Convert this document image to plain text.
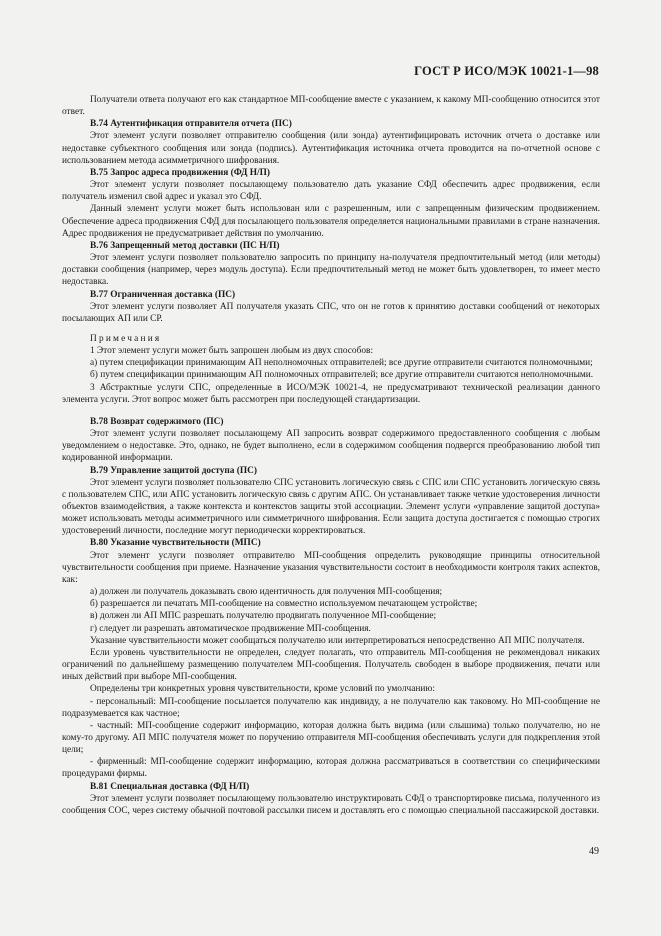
ГОСТ Р ИСО/МЭК 10021-1—98

Получатели ответа получают его как стандартное МП-сообщение вместе с указанием, к какому МП-сообщению относится этот ответ.

В.74 Аутентификация отправителя отчета (ПС)

Этот элемент услуги позволяет отправителю сообщения (или зонда) аутентифицировать источник отчета о доставке или недоставке субъектного сообщения или зонда (подпись). Аутентификация источника отчета проводится на по-отчетной основе с использованием метода асимметричного шифрования.

В.75 Запрос адреса продвижения (ФД Н/П)

Этот элемент услуги позволяет посылающему пользователю дать указание СФД обеспечить адрес продвижения, если получатель изменил свой адрес и указал это СФД.

Данный элемент услуги может быть использован или с разрешенным, или с запрещенным физическим продвижением. Обеспечение адреса продвижения СФД для посылающего пользователя определяется национальными правилами в стране назначения. Адрес продвижения не предусматривает действия по умолчанию.

В.76 Запрещенный метод доставки (ПС Н/П)

Этот элемент услуги позволяет пользователю запросить по принципу на-получателя предпочтительный метод (или методы) доставки сообщения (например, через модуль доступа). Если предпочтительный метод не может быть удовлетворен, то имеет место недоставка.

В.77 Ограниченная доставка (ПС)

Этот элемент услуги позволяет АП получателя указать СПС, что он не готов к принятию доставки сообщений от некоторых посылающих АП или СР.

Примечания

1 Этот элемент услуги может быть запрошен любым из двух способов:

а) путем спецификации принимающим АП неполномочных отправителей; все другие отправители считаются полномочными;

б) путем спецификации принимающим АП полномочных отправителей; все другие отправители считаются неполномочными.

3 Абстрактные услуги СПС, определенные в ИСО/МЭК 10021-4, не предусматривают технической реализации данного элемента услуги. Этот вопрос может быть рассмотрен при последующей стандартизации.

В.78 Возврат содержимого (ПС)

Этот элемент услуги позволяет посылающему АП запросить возврат содержимого предоставленного сообщения с любым уведомлением о недоставке. Это, однако, не будет выполнено, если в содержимом сообщения подвергся преобразованию любой тип кодированной информации.

В.79 Управление защитой доступа (ПС)

Этот элемент услуги позволяет пользователю СПС установить логическую связь с СПС или СПС установить логическую связь с пользователем СПС, или АПС установить логическую связь с другим АПС. Он устанавливает также четкие удостоверения личности объектов взаимодействия, а также контекста и контекстов защиты этой ассоциации. Элемент услуги «управление защитой доступа» может использовать методы асимметричного или симметричного шифрования. Если защита доступа достигается с помощью строгих удостоверений личности, последние могут периодически корректироваться.

В.80 Указание чувствительности (МПС)

Этот элемент услуги позволяет отправителю МП-сообщения определить руководящие принципы относительной чувствительности сообщения при приеме. Назначение указания чувствительности состоит в необходимости контроля таких аспектов, как:

а) должен ли получатель доказывать свою идентичность для получения МП-сообщения;

б) разрешается ли печатать МП-сообщение на совместно используемом печатающем устройстве;

в) должен ли АП МПС разрешать получателю продвигать полученное МП-сообщение;

г) следует ли разрешать автоматическое продвижение МП-сообщения.

Указание чувствительности может сообщаться получателю или интерпретироваться непосредственно АП МПС получателя.

Если уровень чувствительности не определен, следует полагать, что отправитель МП-сообщения не рекомендовал никаких ограничений по дальнейшему размещению получателем МП-сообщения. Получатель свободен в выборе продвижения, печати или иных действий при выборе МП-сообщения.

Определены три конкретных уровня чувствительности, кроме условий по умолчанию:

- персональный: МП-сообщение посылается получателю как индивиду, а не получателю как таковому. Но МП-сообщение не подразумевается как частное;

- частный: МП-сообщение содержит информацию, которая должна быть видима (или слышима) только получателю, но не кому-то другому. АП МПС получателя может по поручению отправителя МП-сообщения обеспечивать услуги для подкрепления этой цели;

- фирменный: МП-сообщение содержит информацию, которая должна рассматриваться в соответствии со специфическими процедурами фирмы.

В.81 Специальная доставка (ФД Н/П)

Этот элемент услуги позволяет посылающему пользователю инструктировать СФД о транспортировке письма, полученного из сообщения СОС, через систему обычной почтовой рассылки писем и доставлять его с помощью специальной пассажирской доставки.

49
